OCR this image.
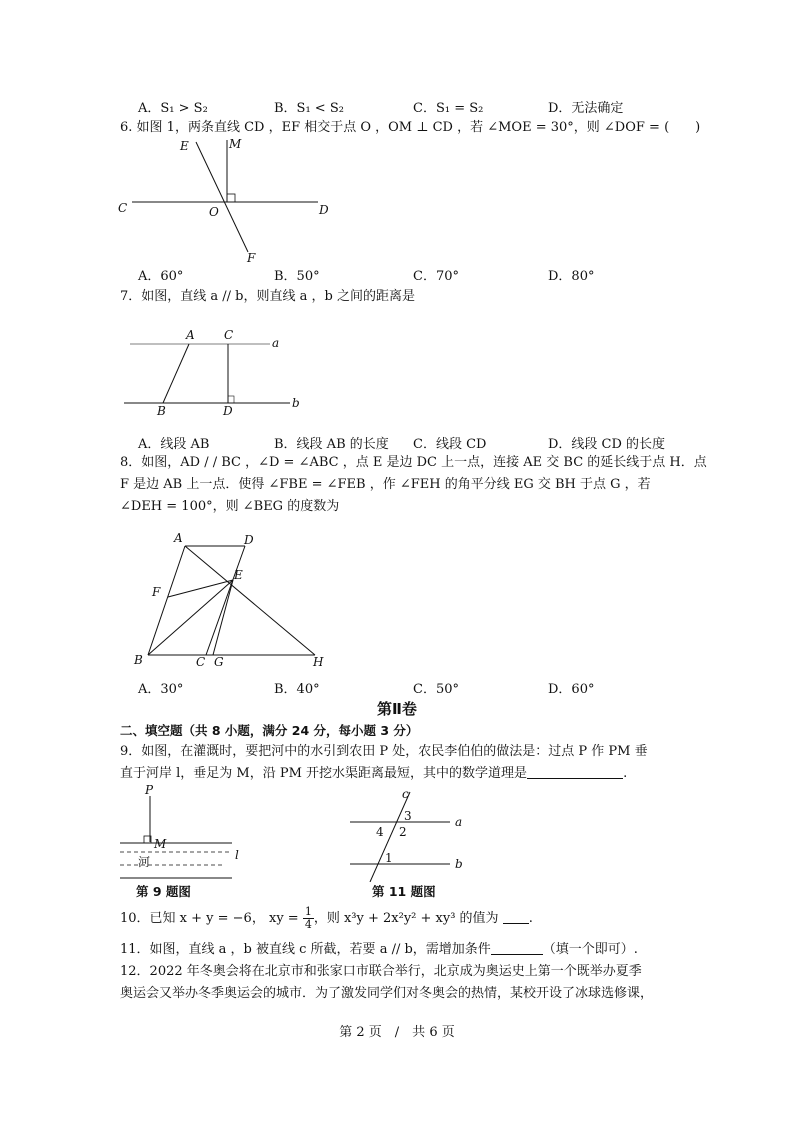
A．S₁ > S₂	B．S₁ < S₂	C．S₁ = S₂	D．无法确定
6. 如图 1，两条直线 CD ，EF 相交于点 O ，OM ⊥ CD ，若 ∠MOE = 30°，则 ∠DOF = (　　)
E	M
C	O	D
F
A．60°	B．50°	C．70°	D．80°
7．如图，直线 a // b，则直线 a ，b 之间的距离是
A C
a
B	D
b
A．线段 AB	B．线段 AB 的长度 C．线段 CD	D．线段 CD 的长度
8．如图，AD / / BC ，∠D = ∠ABC ，点 E 是边 DC 上一点，连接 AE 交 BC 的延长线于点 H．点
F 是边 AB 上一点．使得 ∠FBE = ∠FEB ，作 ∠FEH 的角平分线 EG 交 BH 于点 G ，若
∠DEH = 100°，则 ∠BEG 的度数为
A	D
E
F
B	C G	H
A．30°	B．40°	C．50°	D．60°
第Ⅱ卷
二、填空题（共 8 小题，满分 24 分，每小题 3 分）
9．如图，在灌溉时，要把河中的水引到农田 P 处，农民李伯伯的做法是：过点 P 作 PM 垂
直于河岸 l，垂足为 M，沿 PM 开挖水渠距离最短，其中的数学道理是	.
P
M
河	l
第 9 题图
c
a
b
1
2
3
4
第 11 题图
10．已知 x + y = −6， xy = $\frac{1}{4}$ ，则 x³y + 2x²y² + xy³ 的值为 .
11．如图，直线 a ，b 被直线 c 所截，若要 a // b，需增加条件	（填一个即可）.
12．2022 年冬奥会将在北京市和张家口市联合举行，北京成为奥运史上第一个既举办夏季
奥运会又举办冬季奥运会的城市．为了激发同学们对冬奥会的热情，某校开设了冰球选修课，
第 2 页　/　共 6 页
